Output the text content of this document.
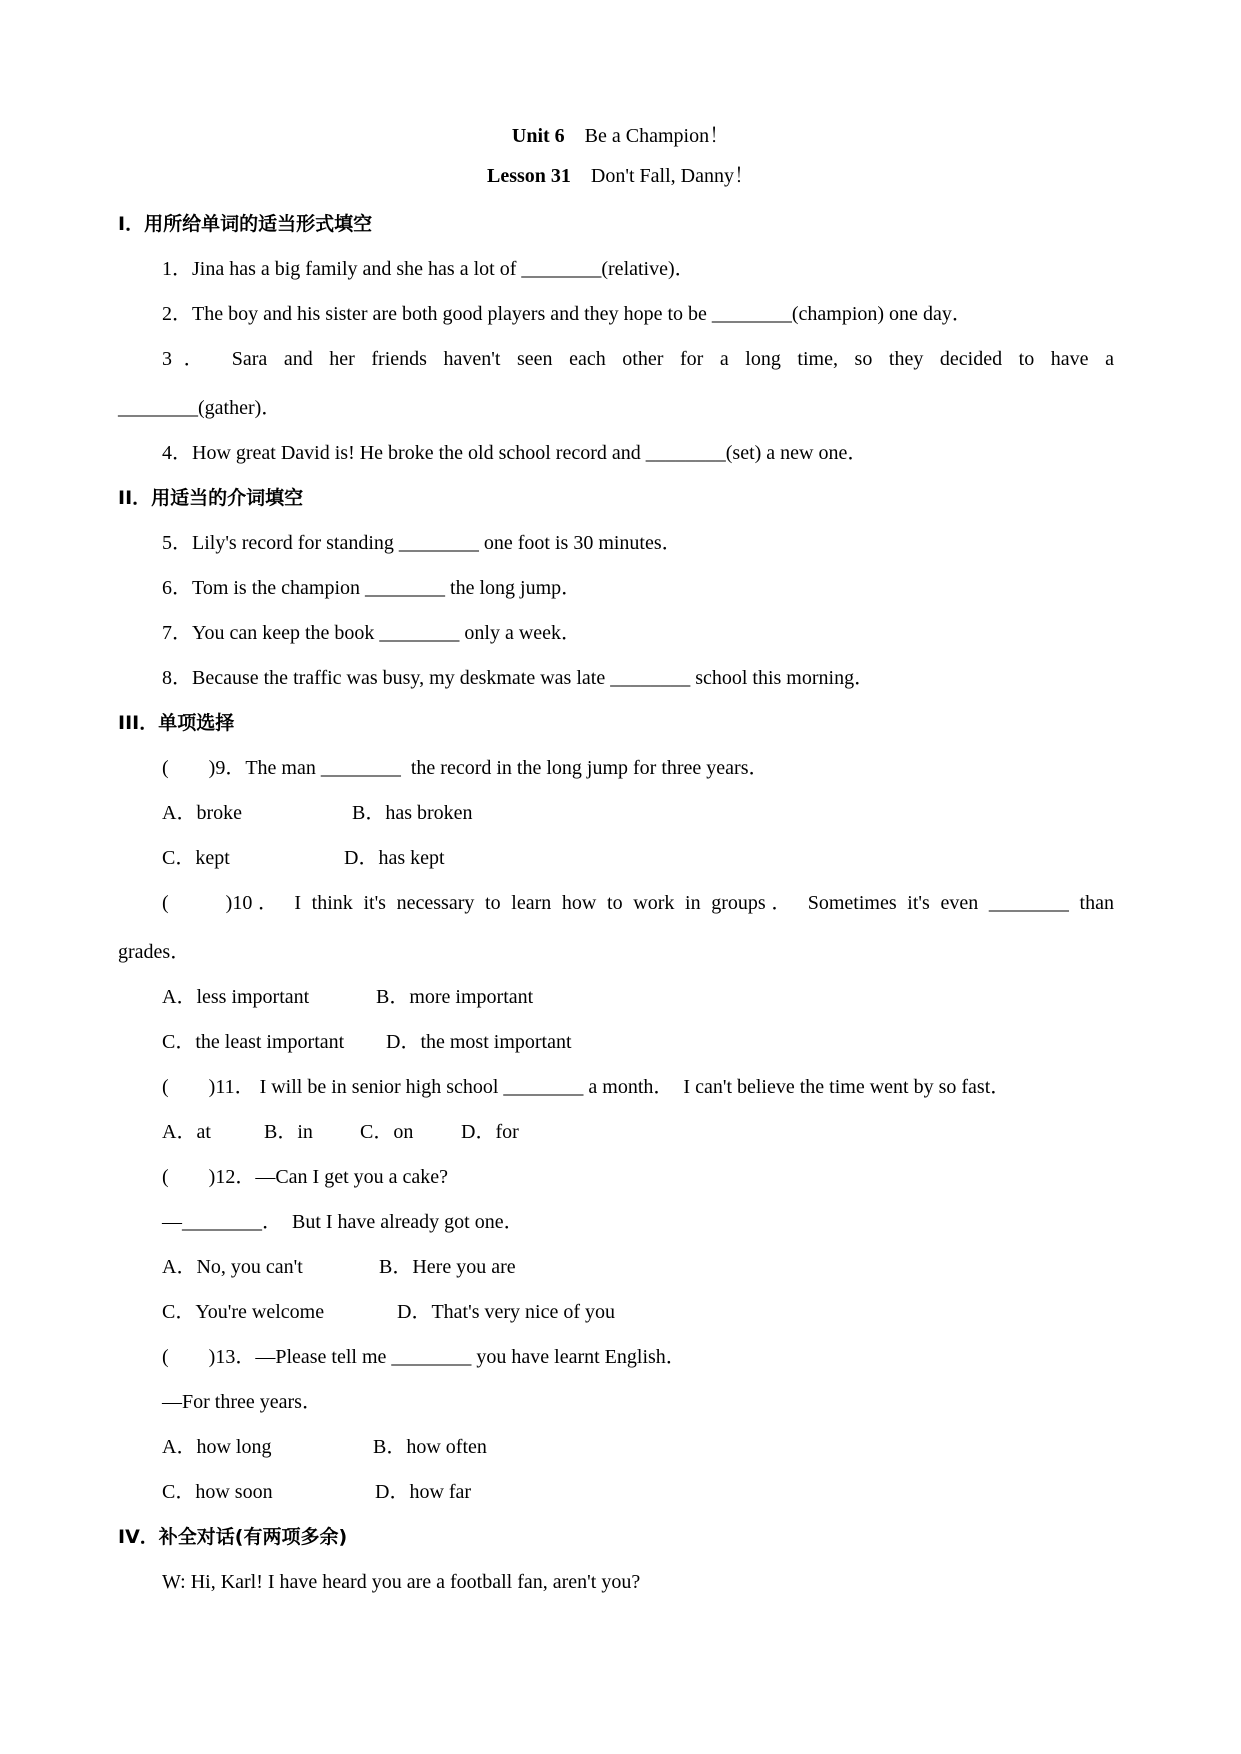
Unit 6 Be a Champion！
Lesson 31 Don't Fall, Danny！
I．用所给单词的适当形式填空
1．Jina has a big family and she has a lot of ________(relative)．
2．The boy and his sister are both good players and they hope to be ________(champion) one day．
3． Sara and her friends haven't seen each other for a long time, so they decided to have a
________(gather)．
4．How great David is! He broke the old school record and ________(set) a new one．
II．用适当的介词填空
5．Lily's record for standing ________ one foot is 30 minutes．
6．Tom is the champion ________ the long jump．
7．You can keep the book ________ only a week．
8．Because the traffic was busy, my deskmate was late ________ school this morning．
III．单项选择
(　　)9．The man ________  the record in the long jump for three years．
A．broke	B．has broken
C．kept	D．has kept
(　　)10． I think it's necessary to learn how to work in groups． Sometimes it's even ________ than
grades．
A．less important	B．more important
C．the least important D．the most important
(　　)11． I will be in senior high school ________ a month．  I can't believe the time went by so fast．
A．at	B．in C．on D．for
(　　)12．—Can I get you a cake?
—________．  But I have already got one．
A．No, you can't	B．Here you are
C．You're welcome	D．That's very nice of you
(　　)13．—Please tell me ________ you have learnt English．
—For three years．
A．how long	B．how often
C．how soon	D．how far
IV．补全对话(有两项多余)
W: Hi, Karl! I have heard you are a football fan, aren't you?
